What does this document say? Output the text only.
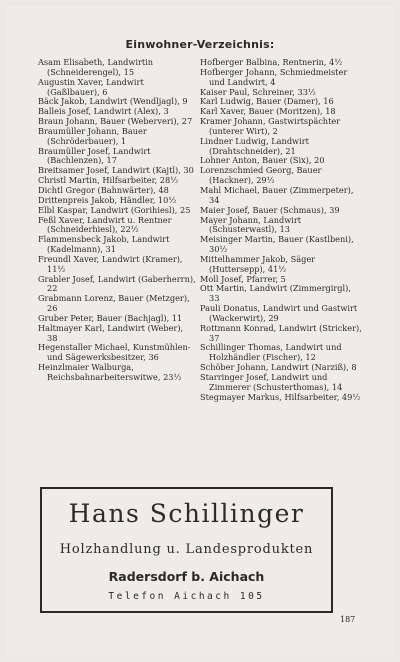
Einwohner-Verzeichnis:

Asam Elisabeth, Landwirtin (Schneiderengel), 15

Augustin Xaver, Landwirt (Gaßlbauer), 6

Bäck Jakob, Landwirt (Wendljagl), 9

Balleis Josef, Landwirt (Alex), 3

Braun Johann, Bauer (Weberveri), 27

Braumüller Johann, Bauer (Schröderbauer), 1

Braumüller Josef, Landwirt (Bachlenzen), 17

Breitsamer Josef, Landwirt (Kajtl), 30

Christl Martin, Hilfsarbeiter, 28½

Dichtl Gregor (Bahnwärter), 48

Drittenpreis Jakob, Händler, 10½

Elbl Kaspar, Landwirt (Gorihiesl), 25

Feßl Xaver, Landwirt u. Rentner (Schneiderhiesl), 22½

Flammensbeck Jakob, Landwirt (Kadelmann), 31

Freundl Xaver, Landwirt (Kramer), 11½

Grabler Josef, Landwirt (Gaberherrn), 22

Grabmann Lorenz, Bauer (Metzger), 26

Gruber Peter, Bauer (Bachjagl), 11

Haltmayer Karl, Landwirt (Weber), 38

Hegenstaller Michael, Kunstmühlen- und Sägewerksbesitzer, 36

Heinzlmaier Walburga, Reichsbahnarbeiterswitwe, 23½

Hofberger Balbina, Rentnerin, 4½

Hofberger Johann, Schmiedmeister und Landwirt, 4

Kaiser Paul, Schreiner, 33½

Karl Ludwig, Bauer (Damer), 16

Karl Xaver, Bauer (Moritzen), 18

Kramer Johann, Gastwirtspächter (unterer Wirt), 2

Lindner Ludwig, Landwirt (Drahtschneider), 21

Lohner Anton, Bauer (Six), 20

Lorenzschmied Georg, Bauer (Hackner), 29½

Mahl Michael, Bauer (Zimmerpeter), 34

Maier Josef, Bauer (Schmaus), 39

Mayer Johann, Landwirt (Schusterwastl), 13

Meisinger Martin, Bauer (Kastlbeni), 30½

Mittelhammer Jakob, Säger (Huttersepp), 41½

Moll Josef, Pfarrer, 5

Ott Martin, Landwirt (Zimmergirgl), 33

Pauli Donatus, Landwirt und Gastwirt (Wackerwirt), 29

Rottmann Konrad, Landwirt (Stricker), 37

Schillinger Thomas, Landwirt und Holzhändler (Fischer), 12

Schöber Johann, Landwirt (Narziß), 8

Starringer Josef, Landwirt und Zimmerer (Schusterthomas), 14

Stegmayer Markus, Hilfsarbeiter, 49½

Hans Schillinger
Holzhandlung u. Landesprodukten
Radersdorf b. Aichach
Telefon Aichach 105
187
